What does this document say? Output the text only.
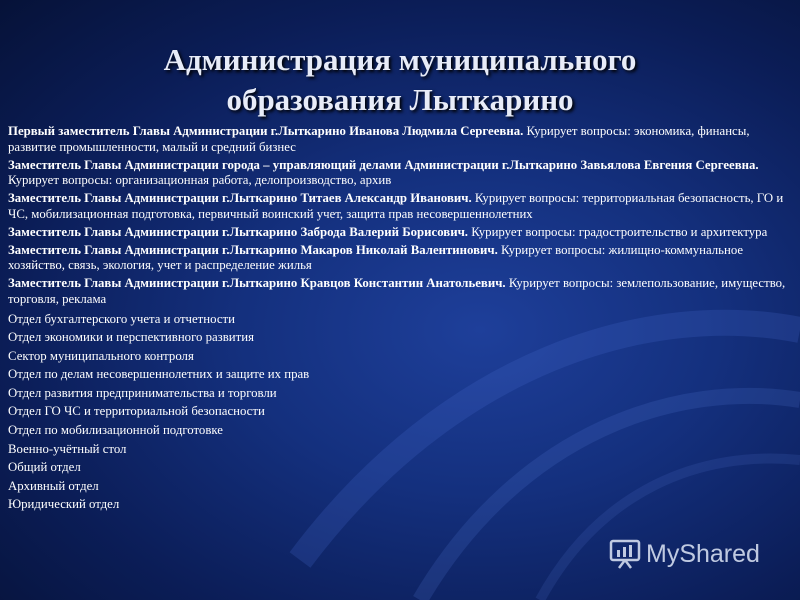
Администрация муниципального
образования Лыткарино
Первый заместитель Главы Администрации г.Лыткарино Иванова Людмила Сергеевна. Курирует вопросы: экономика, финансы, развитие промышленности, малый и средний бизнес
Заместитель Главы Администрации города – управляющий делами Администрации г.Лыткарино Завьялова Евгения Сергеевна. Курирует вопросы: организационная работа, делопроизводство, архив
Заместитель Главы Администрации г.Лыткарино Титаев Александр Иванович. Курирует вопросы: территориальная безопасность, ГО и ЧС, мобилизационная подготовка, первичный воинский учет, защита прав несовершеннолетних
Заместитель Главы Администрации г.Лыткарино Заброда Валерий Борисович. Курирует вопросы: градостроительство и архитектура
Заместитель Главы Администрации г.Лыткарино Макаров Николай Валентинович. Курирует вопросы: жилищно-коммунальное хозяйство, связь, экология, учет и распределение жилья
Заместитель Главы Администрации г.Лыткарино Кравцов Константин Анатольевич. Курирует вопросы: землепользование, имущество, торговля, реклама
Отдел бухгалтерского учета и отчетности
Отдел экономики и перспективного развития
Сектор муниципального контроля
Отдел по делам несовершеннолетних и защите их прав
Отдел развития предпринимательства и торговли
Отдел ГО ЧС и территориальной безопасности
Отдел по мобилизационной подготовке
Военно-учётный стол
Общий отдел
Архивный отдел
Юридический отдел
MyShared
